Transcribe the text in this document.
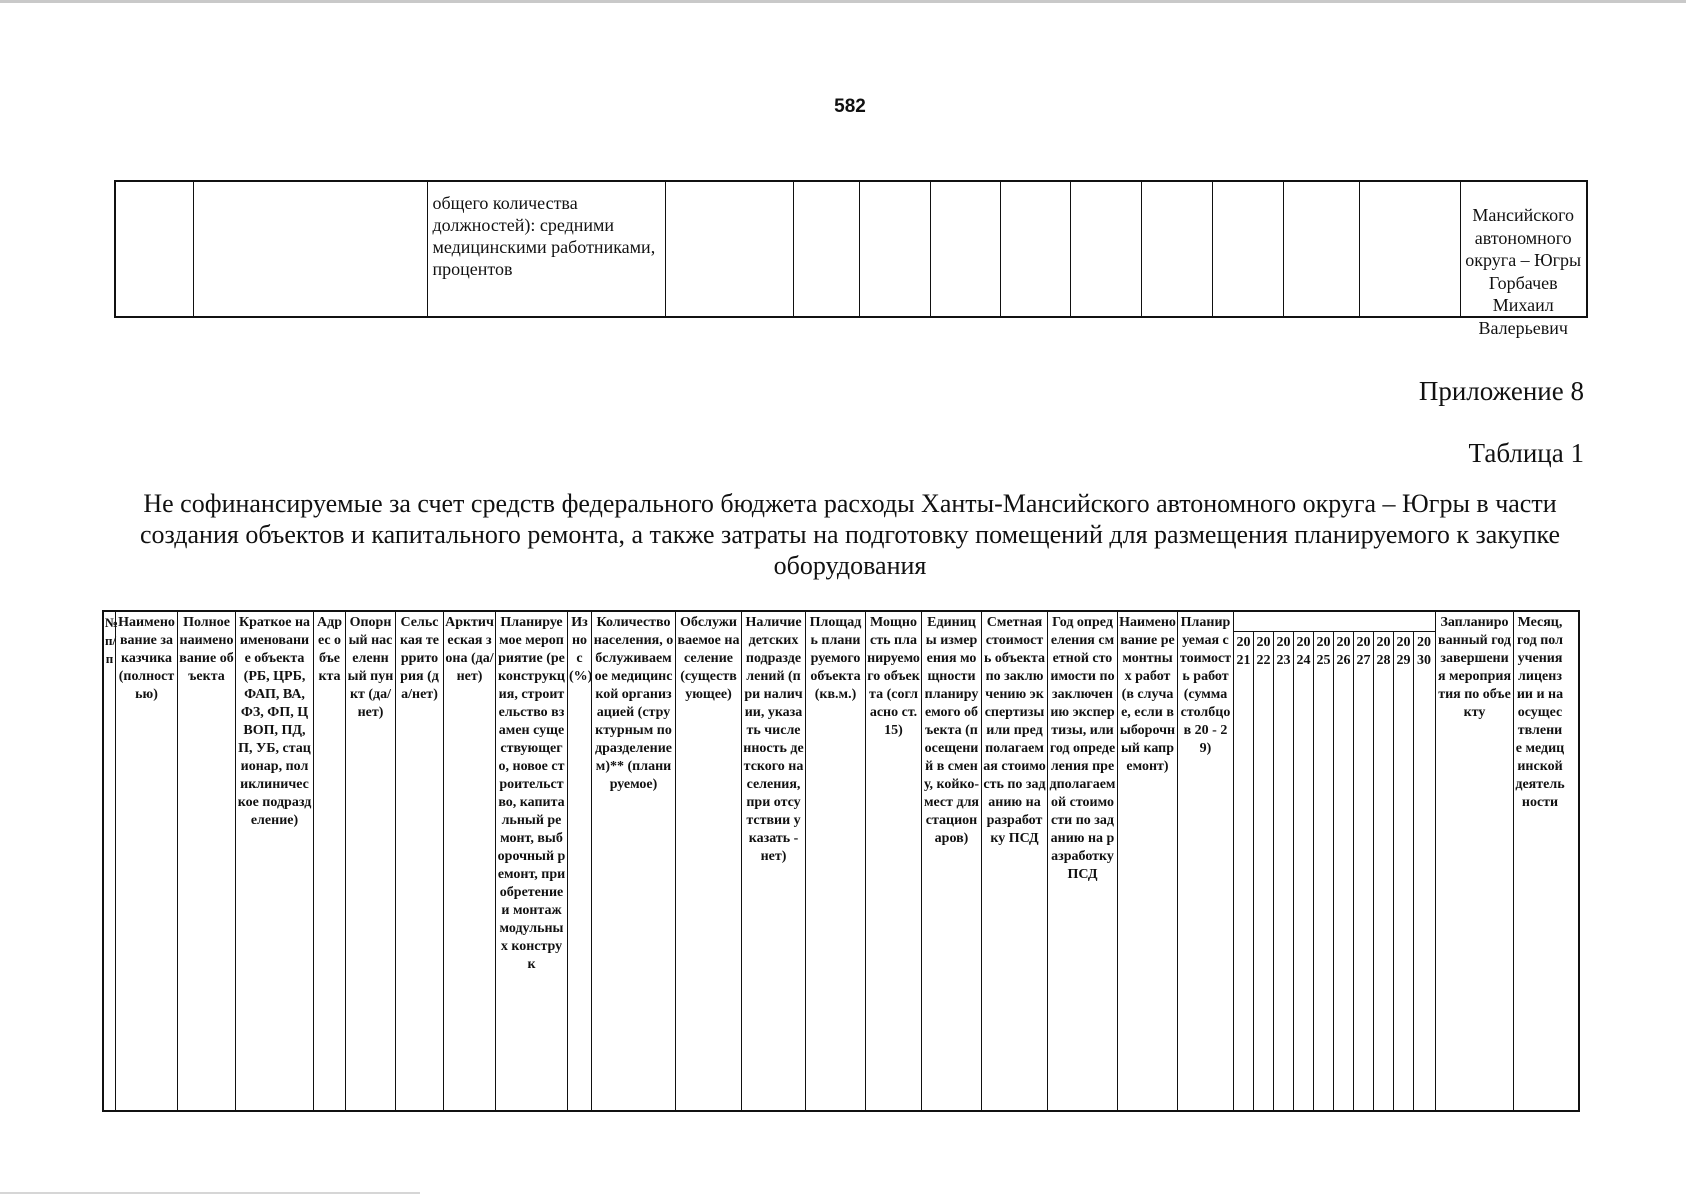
582
общего количества должностей): средними медицинскими работниками, процентов
Мансийского автономного округа – Югры Горбачев Михаил Валерьевич
Приложение 8
Таблица 1
Не софинансируемые за счет средств федерального бюджета расходы Ханты-Мансийского автономного округа – Югры в части создания объектов и капитального ремонта, а также затраты на подготовку помещений для размещения планируемого к закупке оборудования
№ п/п
Наименование заказчика (полностью)
Полное наименование объекта
Краткое наименование объекта (РБ, ЦРБ, ФАП, ВА, ФЗ, ФП, ЦВОП, ПД, П, УБ, стационар, поликлиническое подразделение)
Адрес объекта
Опорный населенный пункт (да/нет)
Сельская территория (да/нет)
Арктическая зона (да/нет)
Планируемое мероприятие (реконструкция, строительство взамен существующего, новое строительство, капитальный ремонт, выборочный ремонт, приобретение и монтаж модульных конструк
Износ (%)
Количество населения, обслуживаемое медицинской организацией (структурным подразделением)** (планируемое)
Обслуживаемое население (существующее)
Наличие детских подразделений (при наличии, указать численность детского населения, при отсутствии указать - нет)
Площадь планируемого объекта (кв.м.)
Мощность планируемого объекта (согласно ст.15)
Единицы измерения мощности планируемого объекта (посещений в смену, койко-мест для стационаров)
Сметная стоимость объекта по заключению экспертизы или предполагаемая стоимость по заданию на разработку ПСД
Год определения сметной стоимости по заключению экспертизы, или год определения предполагаемой стоимости по заданию на разработку ПСД
Наименование ремонтных работ (в случае, если выборочный капремонт)
Планируемая стоимость работ (сумма столбцов 20 - 29)
2021
2022
2023
2024
2025
2026
2027
2028
2029
2030
Запланированный год завершения мероприятия по объекту
Месяц, год получения лицензии и на осуществление медицинской деятельности
